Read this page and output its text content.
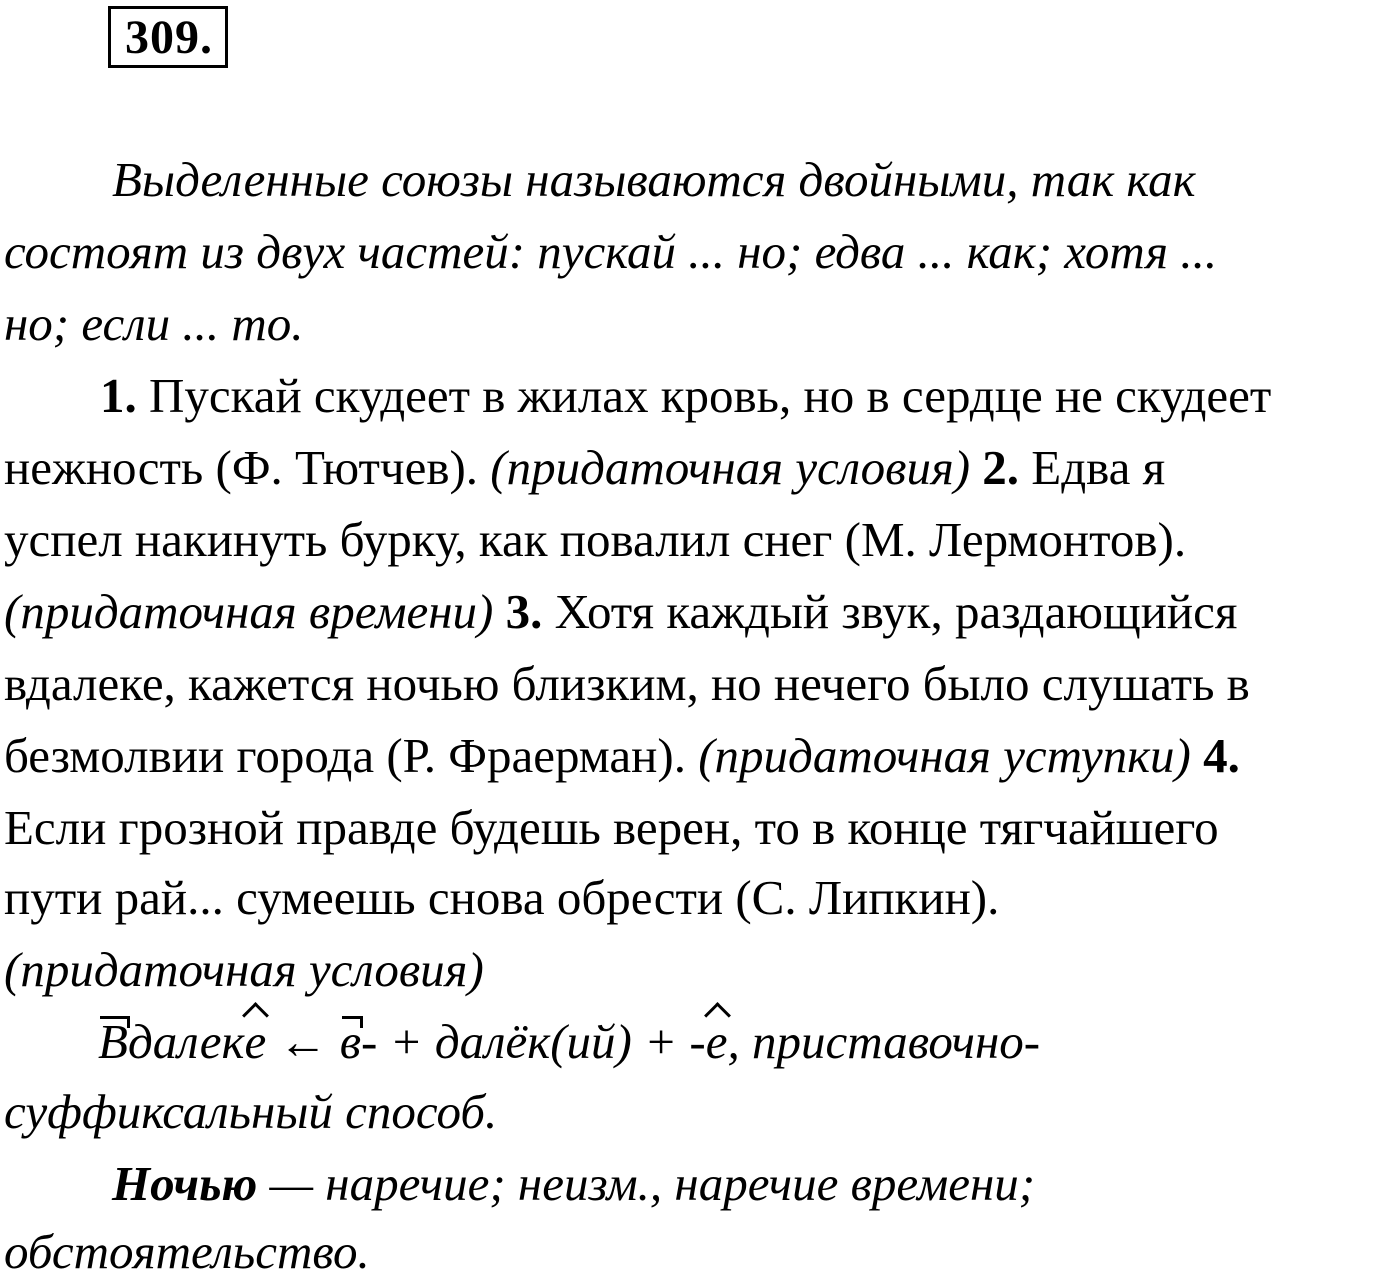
309.
Выделенные союзы называются двойными, так как
состоят из двух частей: пускай ... но; едва ... как; хотя ...
но; если ... то.
1. Пускай скудеет в жилах кровь, но в сердце не скудеет
нежность (Ф. Тютчев). (придаточная условия) 2. Едва я
успел накинуть бурку, как повалил снег (М. Лермонтов).
(придаточная времени) 3. Хотя каждый звук, раздающийся
вдалеке, кажется ночью близким, но нечего было слушать в
безмолвии города (Р. Фраерман). (придаточная уступки) 4.
Если грозной правде будешь верен, то в конце тягчайшего
пути рай... сумеешь снова обрести (С. Липкин).
(придаточная условия)
Вдалеке ← в- + далёк(ий) + -е, приставочно-
суффиксальный способ.
Ночью — наречие; неизм., наречие времени;
обстоятельство.
